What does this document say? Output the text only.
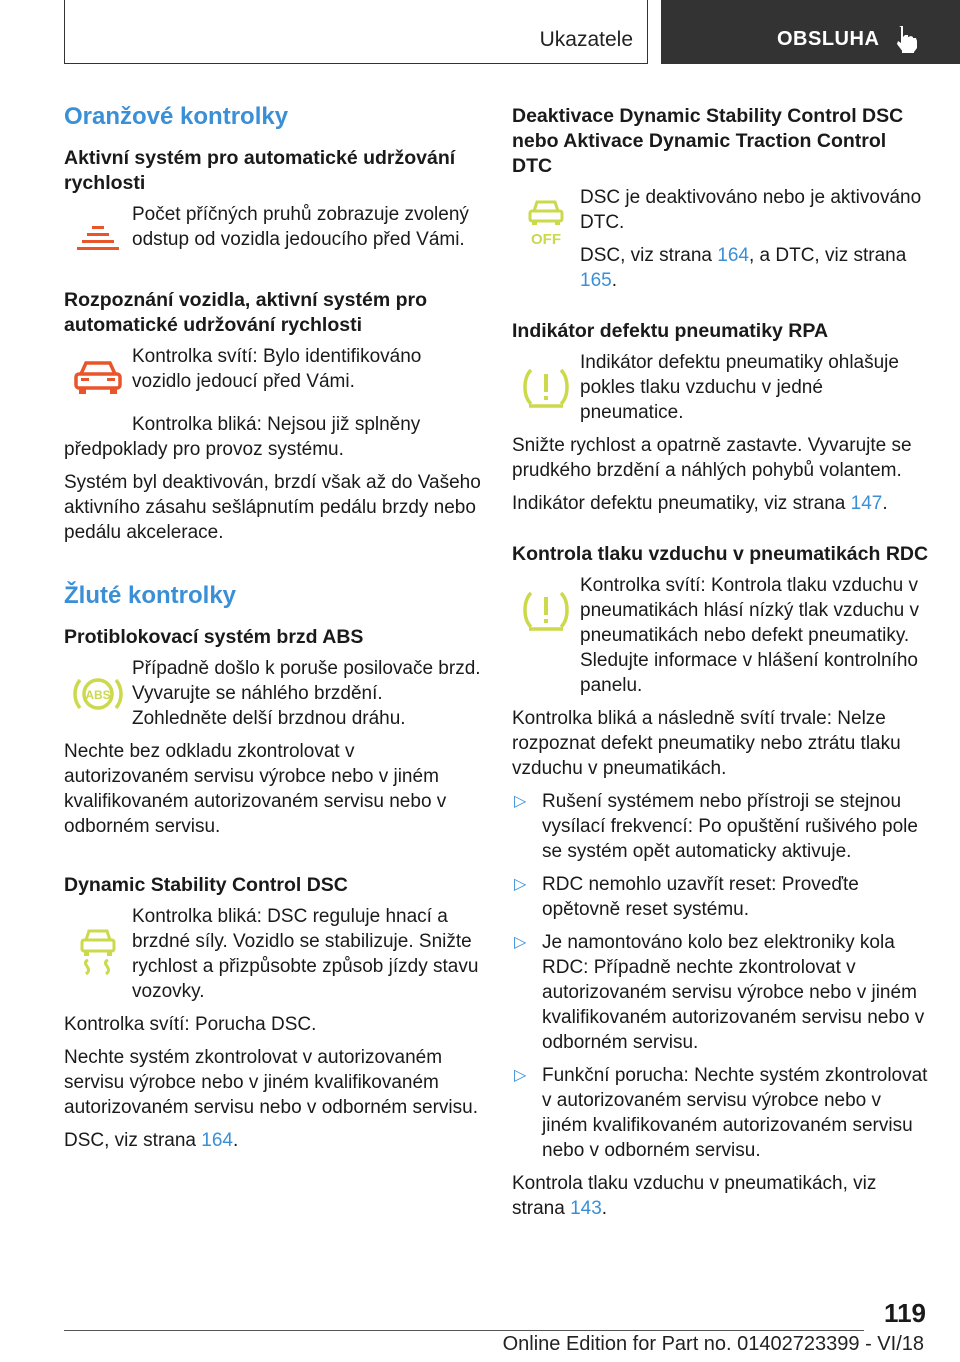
Ukazatele	OBSLUHA
Oranžové kontrolky
Aktivní systém pro automatické udržování rychlosti

Počet příčných pruhů zobrazuje zvolený odstup od vozidla jedoucího před Vámi.

Rozpoznání vozidla, aktivní systém pro automatické udržování rychlosti

Kontrolka svítí: Bylo identifikováno vozidlo jedoucí před Vámi.

Kontrolka bliká: Nejsou již splněny předpoklady pro provoz systému.

Systém byl deaktivován, brzdí však až do Vašeho aktivního zásahu sešlápnutím pedálu brzdy nebo pedálu akcelerace.

Žluté kontrolky
Protiblokovací systém brzd ABS
ABS

Případně došlo k poruše posilovače brzd. Vyvarujte se náhlého brzdění. Zohledněte delší brzdnou dráhu.

Nechte bez odkladu zkontrolovat v autorizovaném servisu výrobce nebo v jiném kvalifikovaném autorizovaném servisu nebo v odborném servisu.

Dynamic Stability Control DSC

Kontrolka bliká: DSC reguluje hnací a brzdné síly. Vozidlo se stabilizuje. Snižte rychlost a přizpůsobte způsob jízdy stavu vozovky.

Kontrolka svítí: Porucha DSC.

Nechte systém zkontrolovat v autorizovaném servisu výrobce nebo v jiném kvalifikovaném autorizovaném servisu nebo v odborném servisu.

DSC, viz strana 164.

Deaktivace Dynamic Stability Control DSC nebo Aktivace Dynamic Traction Control DTC
OFF

DSC je deaktivováno nebo je aktivováno DTC.

DSC, viz strana 164, a DTC, viz strana 165.

Indikátor defektu pneumatiky RPA

Indikátor defektu pneumatiky ohlašuje pokles tlaku vzduchu v jedné pneumatice.

Snižte rychlost a opatrně zastavte. Vyvarujte se prudkého brzdění a náhlých pohybů volantem.

Indikátor defektu pneumatiky, viz strana 147.

Kontrola tlaku vzduchu v pneumatikách RDC

Kontrolka svítí: Kontrola tlaku vzduchu v pneumatikách hlásí nízký tlak vzduchu v pneumatikách nebo defekt pneumatiky. Sledujte informace v hlášení kontrolního panelu.

Kontrolka bliká a následně svítí trvale: Nelze rozpoznat defekt pneumatiky nebo ztrátu tlaku vzduchu v pneumatikách.

▷ Rušení systémem nebo přístroji se stejnou vysílací frekvencí: Po opuštění rušivého pole se systém opět automaticky aktivuje.
▷ RDC nemohlo uzavřít reset: Proveďte opětovně reset systému.
▷ Je namontováno kolo bez elektroniky kola RDC: Případně nechte zkontrolovat v autorizovaném servisu výrobce nebo v jiném kvalifikovaném autorizovaném servisu nebo v odborném servisu.
▷ Funkční porucha: Nechte systém zkontrolovat v autorizovaném servisu výrobce nebo v jiném kvalifikovaném autorizovaném servisu nebo v odborném servisu.

Kontrola tlaku vzduchu v pneumatikách, viz strana 143.

119
Online Edition for Part no. 01402723399 - VI/18
